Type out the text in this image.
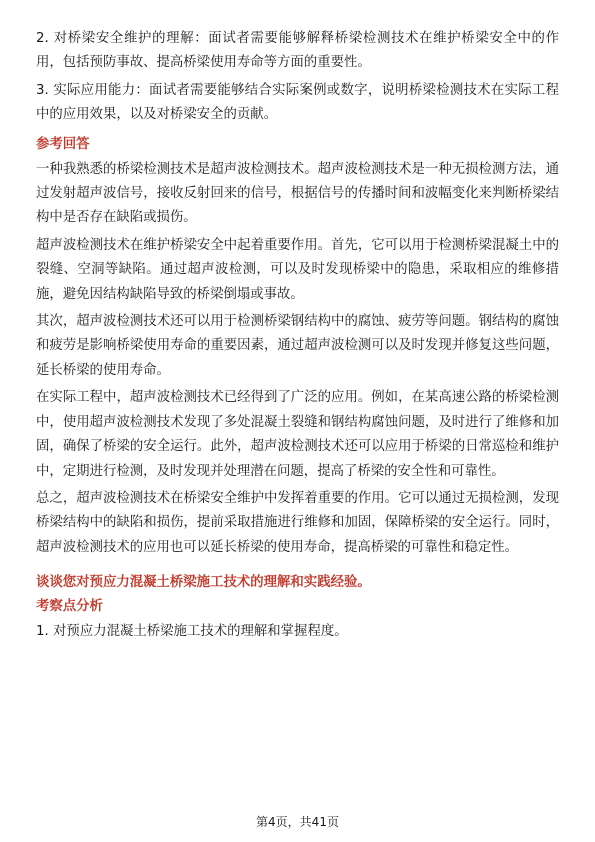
2. 对桥梁安全维护的理解：面试者需要能够解释桥梁检测技术在维护桥梁安全中的作用，包括预防事故、提高桥梁使用寿命等方面的重要性。

3. 实际应用能力：面试者需要能够结合实际案例或数字，说明桥梁检测技术在实际工程中的应用效果，以及对桥梁安全的贡献。

参考回答

一种我熟悉的桥梁检测技术是超声波检测技术。超声波检测技术是一种无损检测方法，通过发射超声波信号，接收反射回来的信号，根据信号的传播时间和波幅变化来判断桥梁结构中是否存在缺陷或损伤。

超声波检测技术在维护桥梁安全中起着重要作用。首先，它可以用于检测桥梁混凝土中的裂缝、空洞等缺陷。通过超声波检测，可以及时发现桥梁中的隐患，采取相应的维修措施，避免因结构缺陷导致的桥梁倒塌或事故。

其次，超声波检测技术还可以用于检测桥梁钢结构中的腐蚀、疲劳等问题。钢结构的腐蚀和疲劳是影响桥梁使用寿命的重要因素，通过超声波检测可以及时发现并修复这些问题，延长桥梁的使用寿命。

在实际工程中，超声波检测技术已经得到了广泛的应用。例如，在某高速公路的桥梁检测中，使用超声波检测技术发现了多处混凝土裂缝和钢结构腐蚀问题，及时进行了维修和加固，确保了桥梁的安全运行。此外，超声波检测技术还可以应用于桥梁的日常巡检和维护中，定期进行检测，及时发现并处理潜在问题，提高了桥梁的安全性和可靠性。

总之，超声波检测技术在桥梁安全维护中发挥着重要的作用。它可以通过无损检测，发现桥梁结构中的缺陷和损伤，提前采取措施进行维修和加固，保障桥梁的安全运行。同时，超声波检测技术的应用也可以延长桥梁的使用寿命，提高桥梁的可靠性和稳定性。

谈谈您对预应力混凝土桥梁施工技术的理解和实践经验。
考察点分析

1. 对预应力混凝土桥梁施工技术的理解和掌握程度。

第4页，共41页
